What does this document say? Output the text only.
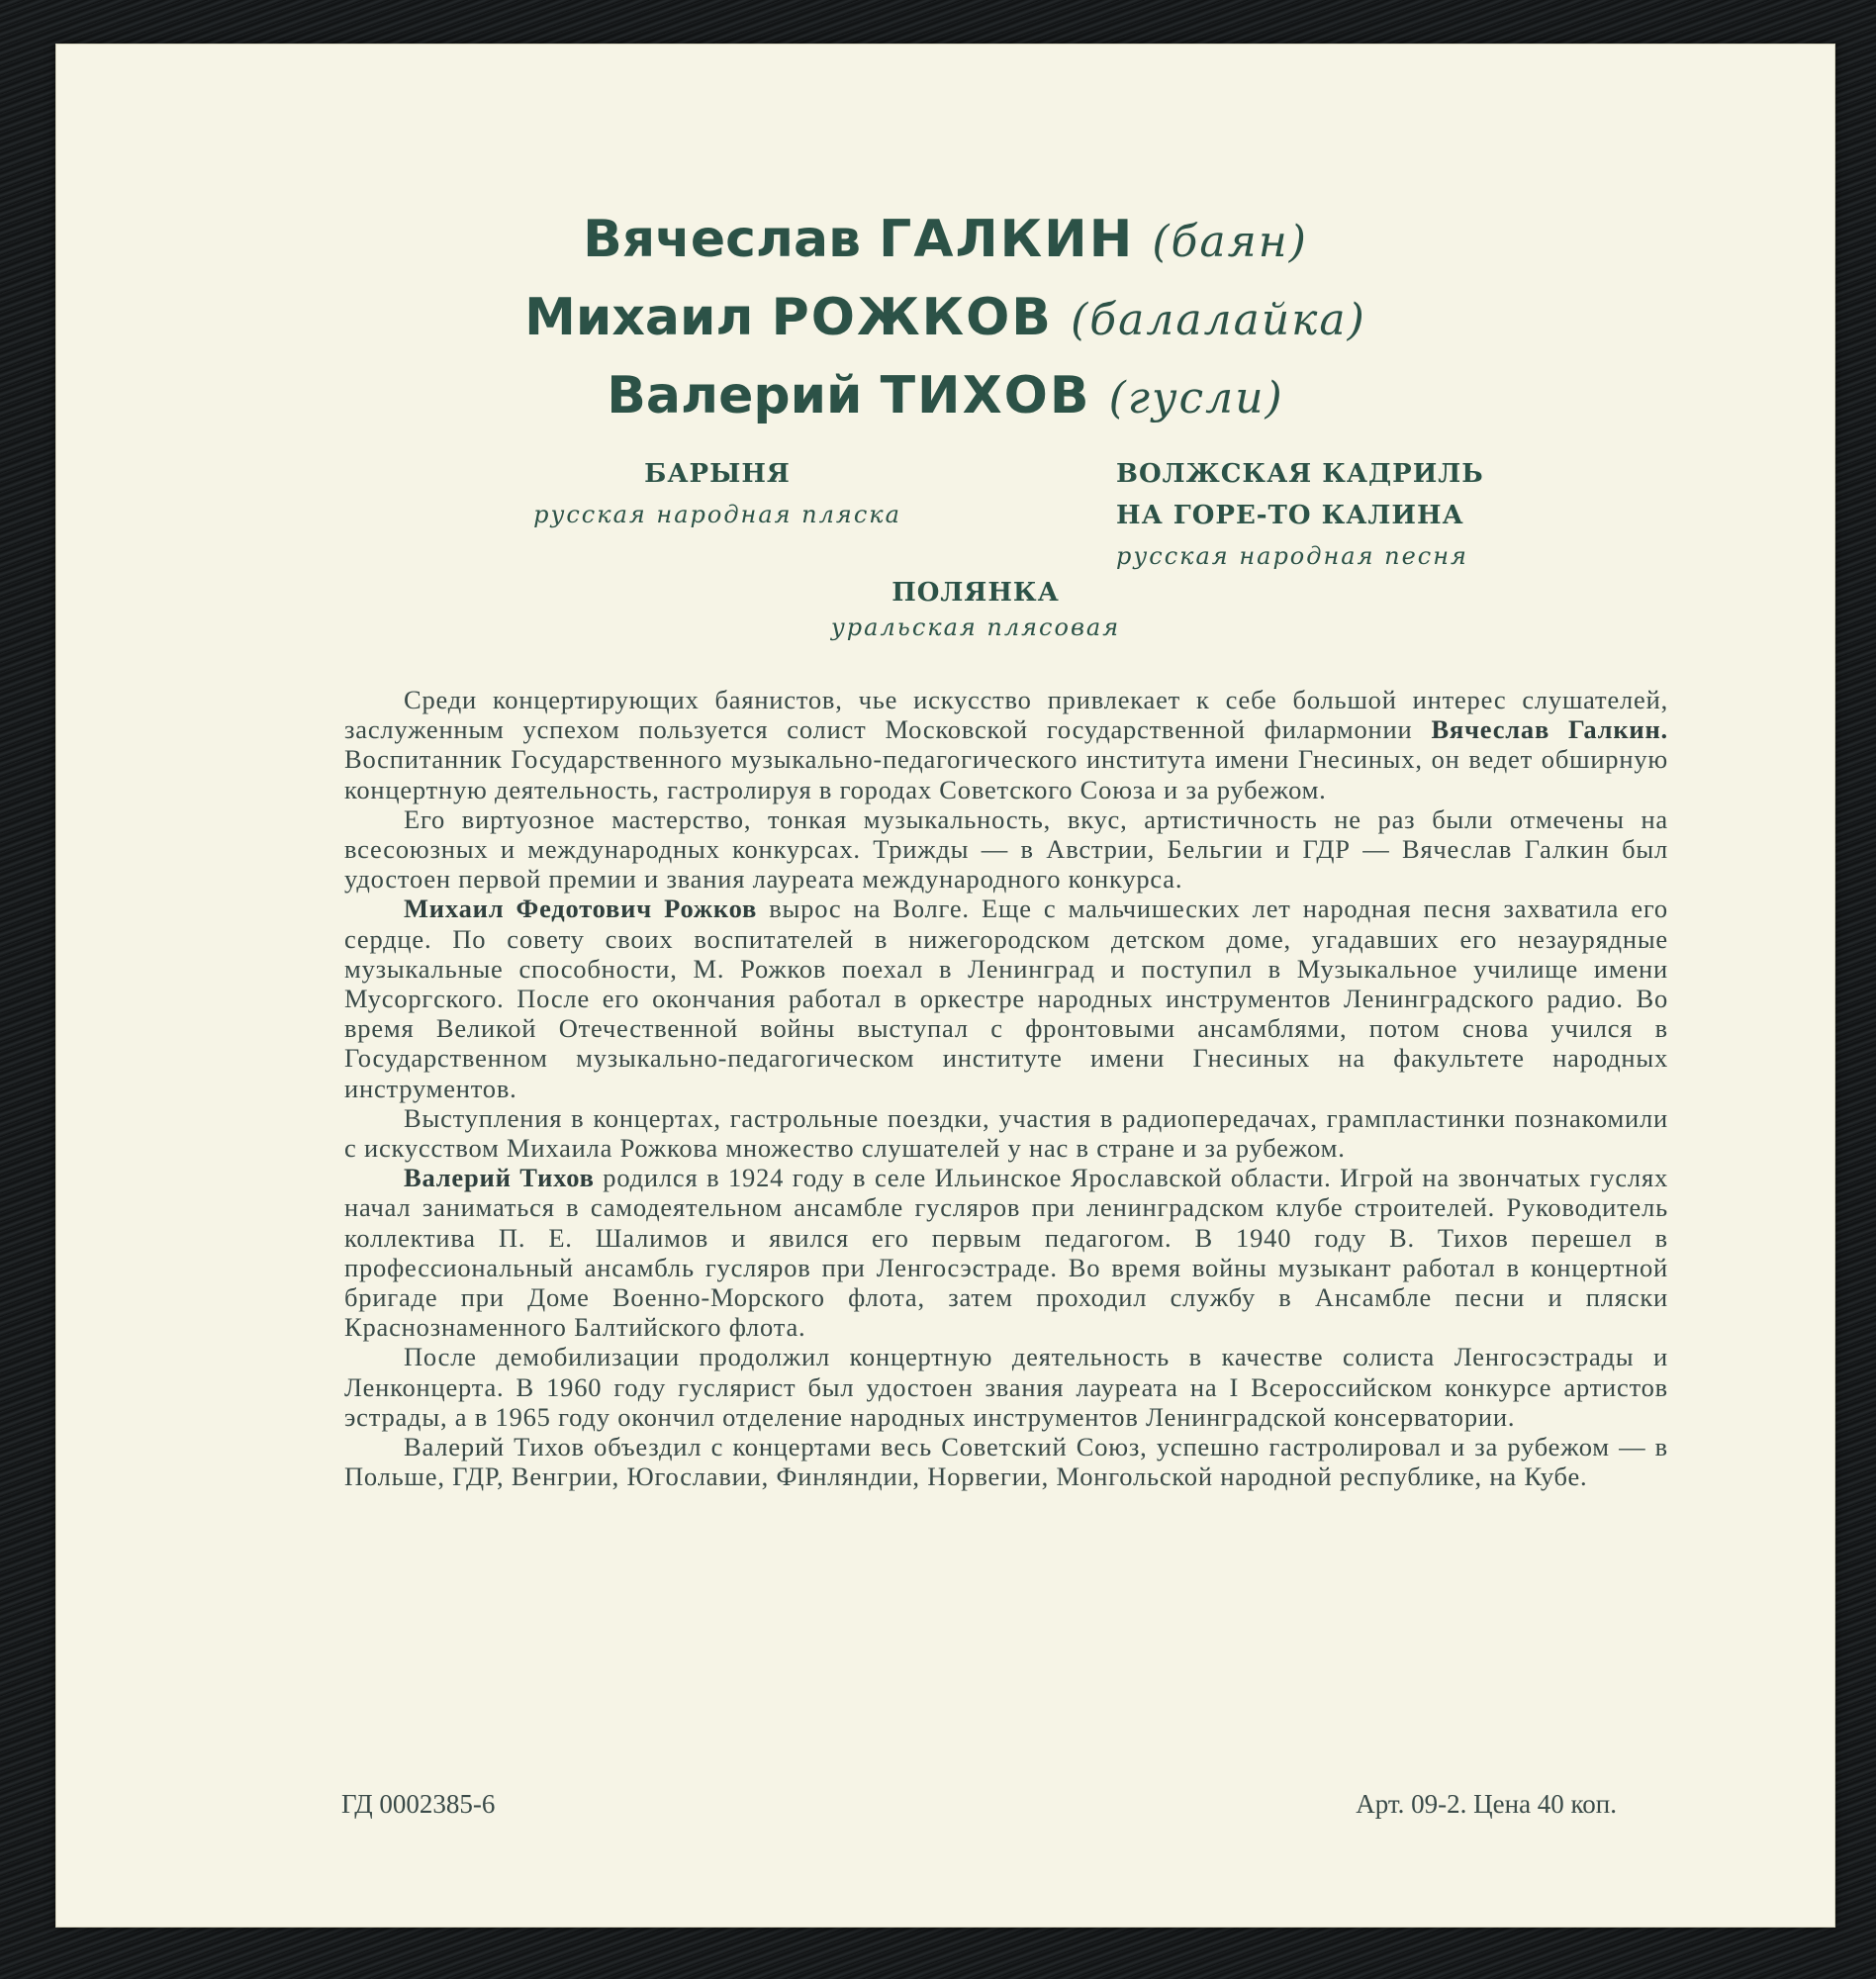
Вячеслав ГАЛКИН (баян)
Михаил РОЖКОВ (балалайка)
Валерий ТИХОВ (гусли)
БАРЫНЯ
русская народная пляска
ВОЛЖСКАЯ КАДРИЛЬ
НА ГОРЕ-ТО КАЛИНА
русская народная песня
ПОЛЯНКА
уральская плясовая

Среди концертирующих баянистов, чье искусство привлекает к себе большой интерес слушателей, заслуженным успехом пользуется солист Московской государственной филармонии Вячеслав Галкин. Воспитанник Государственного музыкально-педагогического института имени Гнесиных, он ведет обширную концертную деятельность, гастролируя в городах Советского Союза и за рубежом.

Его виртуозное мастерство, тонкая музыкальность, вкус, артистичность не раз были отмечены на всесоюзных и международных конкурсах. Трижды — в Австрии, Бельгии и ГДР — Вячеслав Галкин был удостоен первой премии и звания лауреата международного конкурса.

Михаил Федотович Рожков вырос на Волге. Еще с мальчишеских лет народная песня захватила его сердце. По совету своих воспитателей в нижегородском детском доме, угадавших его незаурядные музыкальные способности, М. Рожков поехал в Ленинград и поступил в Музыкальное училище имени Мусоргского. После его окончания работал в оркестре народных инструментов Ленинградского радио. Во время Великой Отечественной войны выступал с фронтовыми ансамблями, потом снова учился в Государственном музыкально-педагогическом институте имени Гнесиных на факультете народных инструментов.

Выступления в концертах, гастрольные поездки, участия в радиопередачах, грампластинки познакомили с искусством Михаила Рожкова множество слушателей у нас в стране и за рубежом.

Валерий Тихов родился в 1924 году в селе Ильинское Ярославской области. Игрой на звончатых гуслях начал заниматься в самодеятельном ансамбле гусляров при ленинградском клубе строителей. Руководитель коллектива П. Е. Шалимов и явился его первым педагогом. В 1940 году В. Тихов перешел в профессиональный ансамбль гусляров при Ленгосэстраде. Во время войны музыкант работал в концертной бригаде при Доме Военно-Морского флота, затем проходил службу в Ансамбле песни и пляски Краснознаменного Балтийского флота.

После демобилизации продолжил концертную деятельность в качестве солиста Ленгосэстрады и Ленконцерта. В 1960 году гуслярист был удостоен звания лауреата на I Всероссийском конкурсе артистов эстрады, а в 1965 году окончил отделение народных инструментов Ленинградской консерватории.

Валерий Тихов объездил с концертами весь Советский Союз, успешно гастролировал и за рубежом — в Польше, ГДР, Венгрии, Югославии, Финляндии, Норвегии, Монгольской народной республике, на Кубе.

ГД 0002385-6	Арт. 09-2. Цена 40 коп.
